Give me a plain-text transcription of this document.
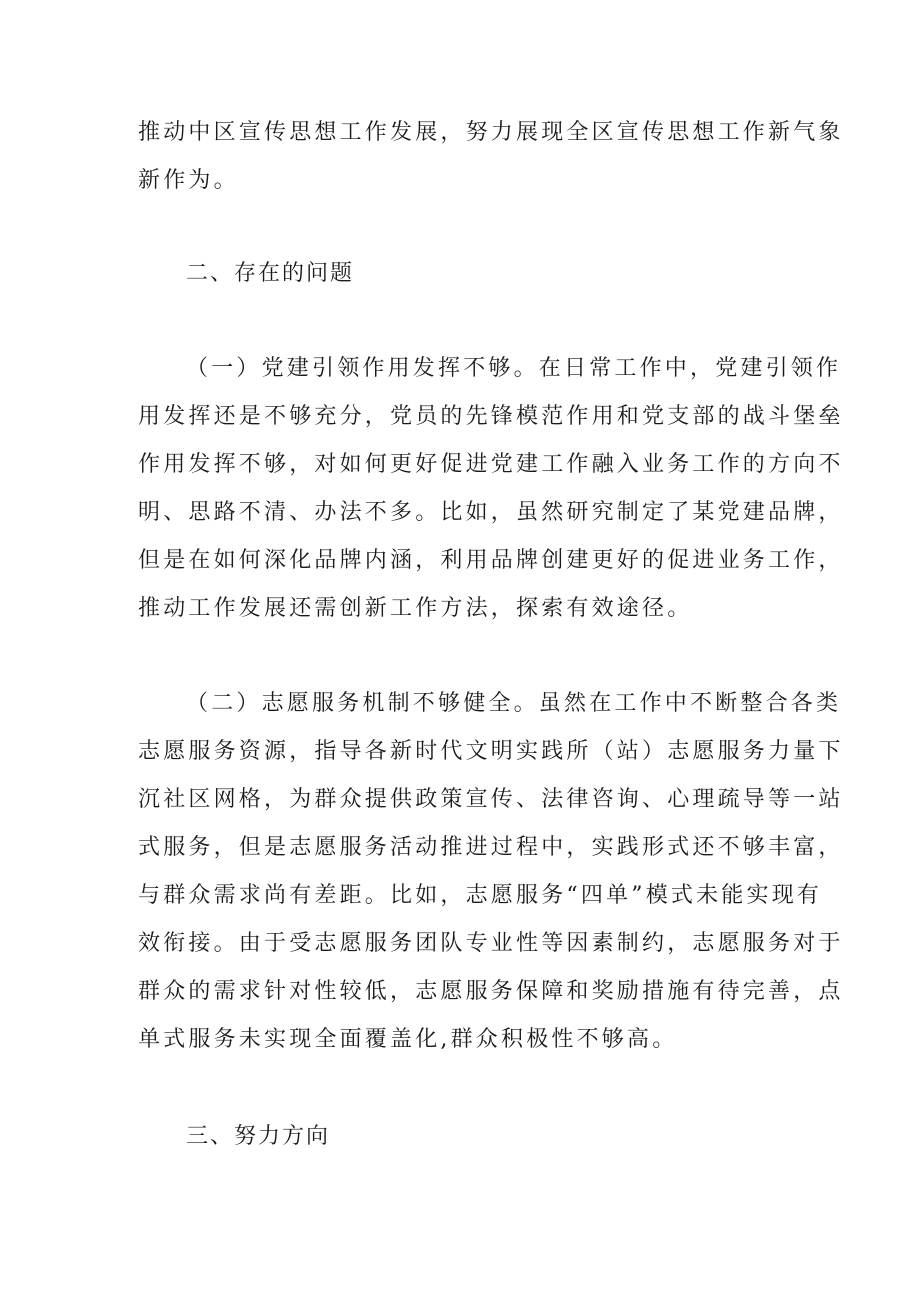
推动中区宣传思想工作发展，努力展现全区宣传思想工作新气象
新作为。
二、存在的问题
（一）党建引领作用发挥不够。在日常工作中，党建引领作
用发挥还是不够充分，党员的先锋模范作用和党支部的战斗堡垒
作用发挥不够，对如何更好促进党建工作融入业务工作的方向不
明、思路不清、办法不多。比如，虽然研究制定了某党建品牌，
但是在如何深化品牌内涵，利用品牌创建更好的促进业务工作，
推动工作发展还需创新工作方法，探索有效途径。
（二）志愿服务机制不够健全。虽然在工作中不断整合各类
志愿服务资源，指导各新时代文明实践所（站）志愿服务力量下
沉社区网格，为群众提供政策宣传、法律咨询、心理疏导等一站
式服务，但是志愿服务活动推进过程中，实践形式还不够丰富，
与群众需求尚有差距。比如，志愿服务“四单”模式未能实现有
效衔接。由于受志愿服务团队专业性等因素制约，志愿服务对于
群众的需求针对性较低，志愿服务保障和奖励措施有待完善，点
单式服务未实现全面覆盖化,群众积极性不够高。
三、努力方向
